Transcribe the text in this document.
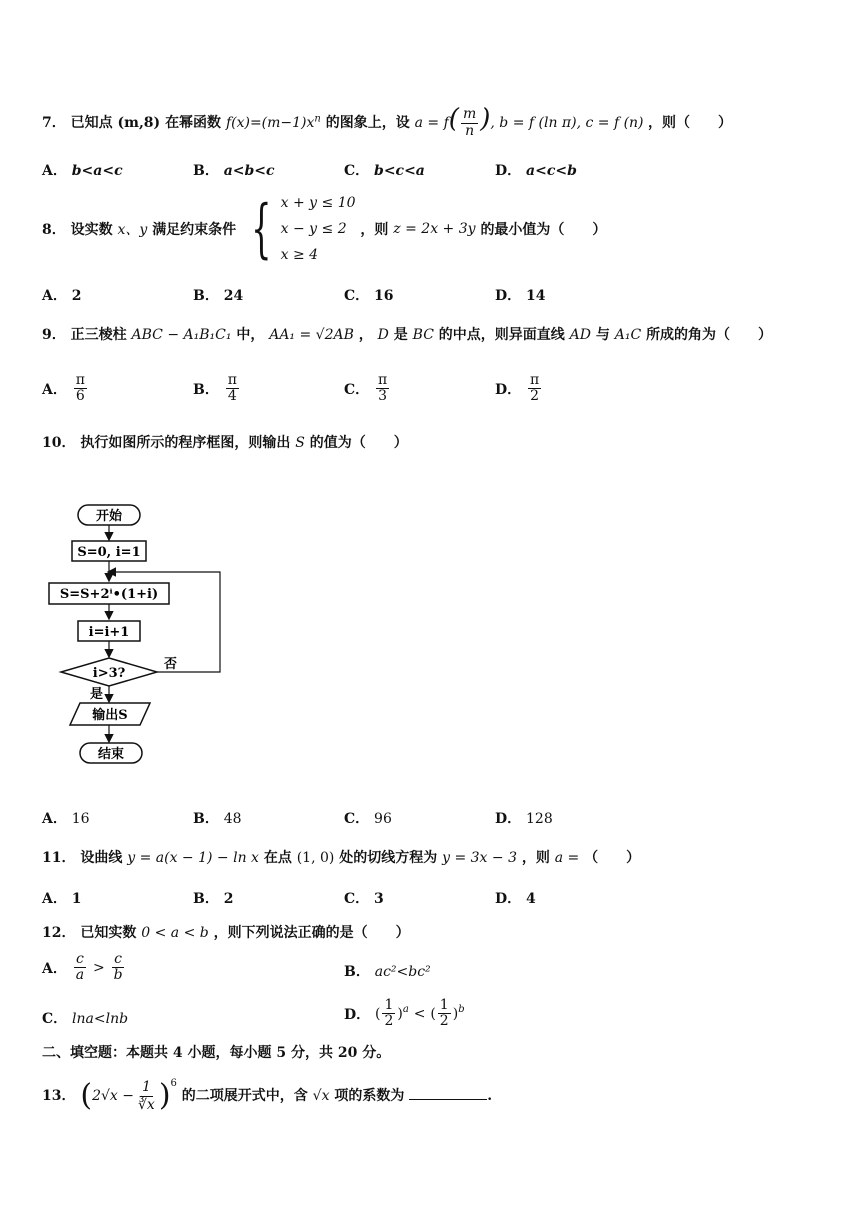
7． 已知点 (m,8) 在幂函数 $f(x)=(m-1)x^n$ 的图象上，设 $a = f( \frac{m}{n}$ ), b = f (ln π), c = f (n) ，则（　　）
A． b<a<c	B． a<b<c	C． b<c<a	D． a<c<b
8． 设实数 x、y 满足约束条件 { x + y ≤ 10
x − y ≤ 2
x ≥ 4
，则 z = 2x + 3y 的最小值为（　　）
A． 2	B． 24	C． 16	D． 14
9． 正三棱柱 ABC − A₁B₁C₁ 中， AA₁ = √2AB ， D 是 BC 的中点，则异面直线 AD 与 A₁C 所成的角为（　　）
A． $\frac{\pi}{6}$	B． $\frac{\pi}{4}$	C． $\frac{\pi}{3}$	D． $\frac{\pi}{2}$
10． 执行如图所示的程序框图，则输出 S 的值为（　　）
开始
S=0, i=1
S=S+2ⁱ•(1+i)
i=i+1
i>3?
否
是
输出S
结束
A． 16	B． 48	C． 96	D． 128
11． 设曲线 y = a(x − 1) − ln x 在点 (1, 0) 处的切线方程为 y = 3x − 3 ，则 a = （　　）
A． 1	B． 2	C． 3	D． 4
12． 已知实数 0 < a < b ，则下列说法正确的是（　　）
A． $\frac{c}{a} > \frac{c}{b}$	B． ac²<bc²
C． lna<lnb	D． ( $\frac{1}{2} )^a$ < ( $\frac{1}{2} )^b$
二、填空题：本题共 4 小题，每小题 5 分，共 20 分。
13． $(2√x - \frac{1}{∛x} )^6$ 的二项展开式中，含 √x 项的系数为	.
